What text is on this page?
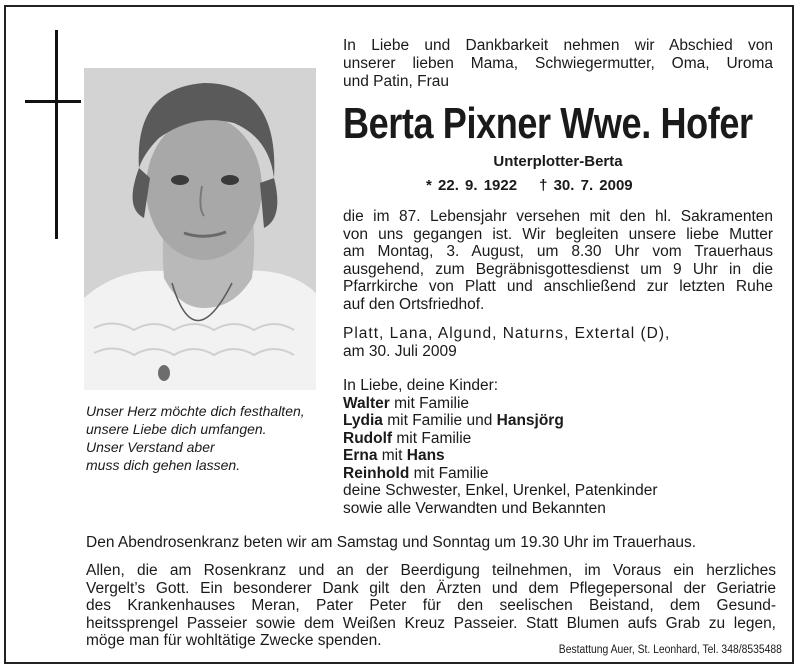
Unser Herz möchte dich festhalten,
unsere Liebe dich umfangen.
Unser Verstand aber
muss dich gehen lassen.
In Liebe und Dankbarkeit nehmen wir Abschied von
unserer lieben Mama, Schwiegermutter, Oma, Uroma
und Patin, Frau
Berta Pixner Wwe. Hofer
Unterplotter-Berta
* 22. 9. 1922 † 30. 7. 2009
die im 87. Lebensjahr versehen mit den hl. Sakramenten
von uns gegangen ist. Wir begleiten unsere liebe Mutter
am Montag, 3. August, um 8.30 Uhr vom Trauerhaus
ausgehend, zum Begräbnisgottesdienst um 9 Uhr in die
Pfarrkirche von Platt und anschließend zur letzten Ruhe
auf den Ortsfriedhof.
Platt, Lana, Algund, Naturns, Extertal (D),
am 30. Juli 2009
In Liebe, deine Kinder:
Walter mit Familie
Lydia mit Familie und Hansjörg
Rudolf mit Familie
Erna mit Hans
Reinhold mit Familie
deine Schwester, Enkel, Urenkel, Patenkinder
sowie alle Verwandten und Bekannten
Den Abendrosenkranz beten wir am Samstag und Sonntag um 19.30 Uhr im Trauerhaus.
Allen, die am Rosenkranz und an der Beerdigung teilnehmen, im Voraus ein herzliches
Vergelt’s Gott. Ein besonderer Dank gilt den Ärzten und dem Pflegepersonal der Geriatrie
des Krankenhauses Meran, Pater Peter für den seelischen Beistand, dem Gesund-
heitssprengel Passeier sowie dem Weißen Kreuz Passeier. Statt Blumen aufs Grab zu legen,
möge man für wohltätige Zwecke spenden.
Bestattung Auer, St. Leonhard, Tel. 348/8535488
